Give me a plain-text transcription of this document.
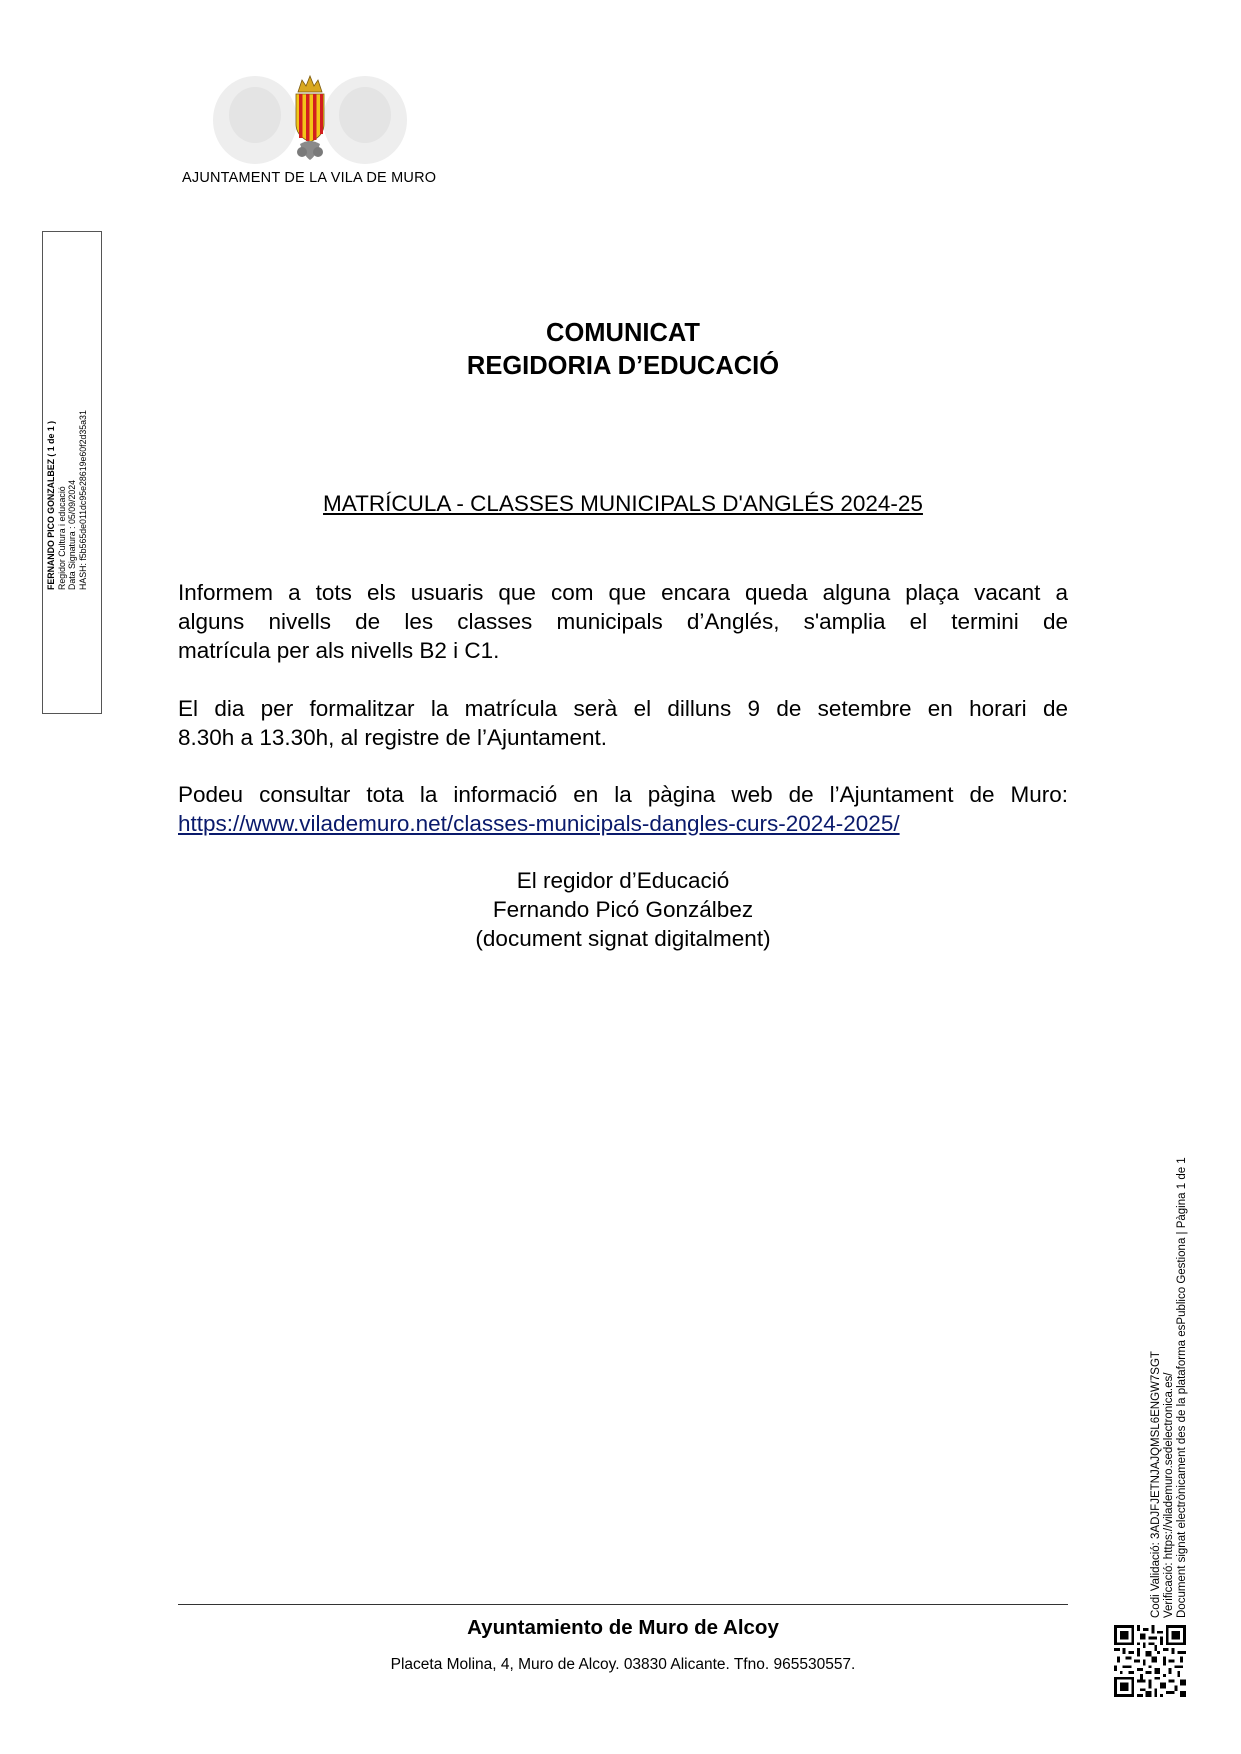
AJUNTAMENT DE LA VILA DE MURO
FERNANDO PICO GONZALBEZ ( 1 de 1 ) Regidor Cultura i educació Data Signatura : 05/09/2024 HASH: f5b565de011dc95e28619e60f2d35a31
COMUNICAT
REGIDORIA D’EDUCACIÓ
MATRÍCULA - CLASSES MUNICIPALS D'ANGLÉS 2024-25
Informem a tots els usuaris que com que encara queda alguna plaça vacant a
alguns nivells de les classes municipals d’Anglés, s'amplia el termini de
matrícula per als nivells B2 i C1.
El dia per formalitzar la matrícula serà el dilluns 9 de setembre en horari de
8.30h a 13.30h, al registre de l’Ajuntament.
Podeu consultar tota la informació en la pàgina web de l’Ajuntament de Muro:
https://www.vilademuro.net/classes-municipals-dangles-curs-2024-2025/
El regidor d’Educació
Fernando Picó Gonzálbez
(document signat digitalment)
Ayuntamiento de Muro de Alcoy
Placeta Molina, 4, Muro de Alcoy. 03830 Alicante. Tfno. 965530557.
Codi Validació: 3ADJFJETNJAJQMSL6ENGW7SGT Verificació: https://vilademuro.sedelectronica.es/ Document signat electrònicament des de la plataforma esPublico Gestiona | Pàgina 1 de 1
